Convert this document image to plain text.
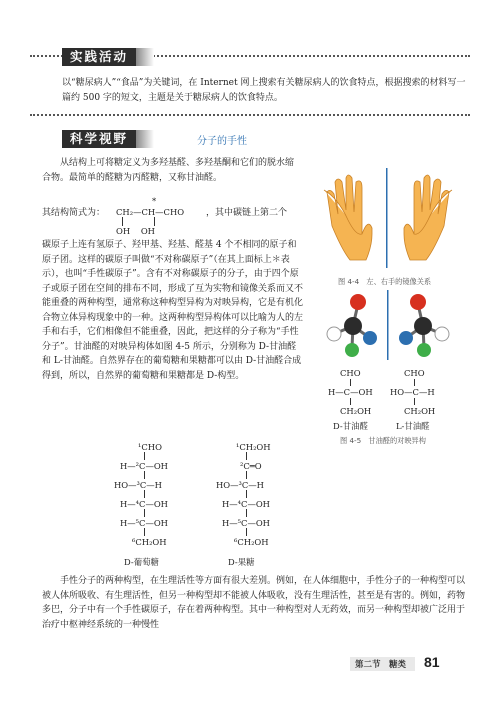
实践活动
以“糖尿病人”“食品”为关键词，在 Internet 网上搜索有关糖尿病人的饮食特点，根据搜索的材料写一篇约 500 字的短文，主题是关于糖尿病人的饮食特点。
科学视野	分子的手性
从结构上可将糖定义为多羟基醛、多羟基酮和它们的脱水缩合物。最简单的醛糖为丙醛糖，又称甘油醛。
其结构简式为：
*
CH₂—CH—CHO
OH    OH
，其中碳链上第二个
碳原子上连有氢原子、羟甲基、羟基、醛基 4 个不相同的原子和原子团。这样的碳原子叫做“不对称碳原子”（在其上面标上＊表示），也叫“手性碳原子”。含有不对称碳原子的分子，由于四个原子或原子团在空间的排布不同，形成了互为实物和镜像关系而又不能重叠的两种构型，通常称这种构型异构为对映异构，它是有机化合物立体异构现象中的一种。这两种构型异构体可以比喻为人的左手和右手，它们相像但不能重叠，因此，把这样的分子称为“手性分子”。甘油醛的对映异构体如图 4-5 所示，分别称为 D-甘油醛和 L-甘油醛。自然界存在的葡萄糖和果糖都可以由 D-甘油醛合成得到，所以，自然界的葡萄糖和果糖都是 D-构型。
图 4-4　左、右手的镜像关系
CHO
H—C—OH
CH₂OH
D-甘油醛
CHO
HO—C—H
CH₂OH
L-甘油醛
图 4-5　甘油醛的对映异构
¹CHO
H—²C—OH
HO—³C—H
H—⁴C—OH
H—⁵C—OH
⁶CH₂OH
D-葡萄糖
¹CH₂OH
²C═O
HO—³C—H
H—⁴C—OH
H—⁵C—OH
⁶CH₂OH
D-果糖
手性分子的两种构型，在生理活性等方面有很大差别。例如，在人体细胞中，手性分子的一种构型可以被人体所吸收、有生理活性，但另一种构型却不能被人体吸收，没有生理活性，甚至是有害的。例如，药物多巴，分子中有一个手性碳原子，存在着两种构型。其中一种构型对人无药效，而另一种构型却被广泛用于治疗中枢神经系统的一种慢性
第二节　糖类 81
